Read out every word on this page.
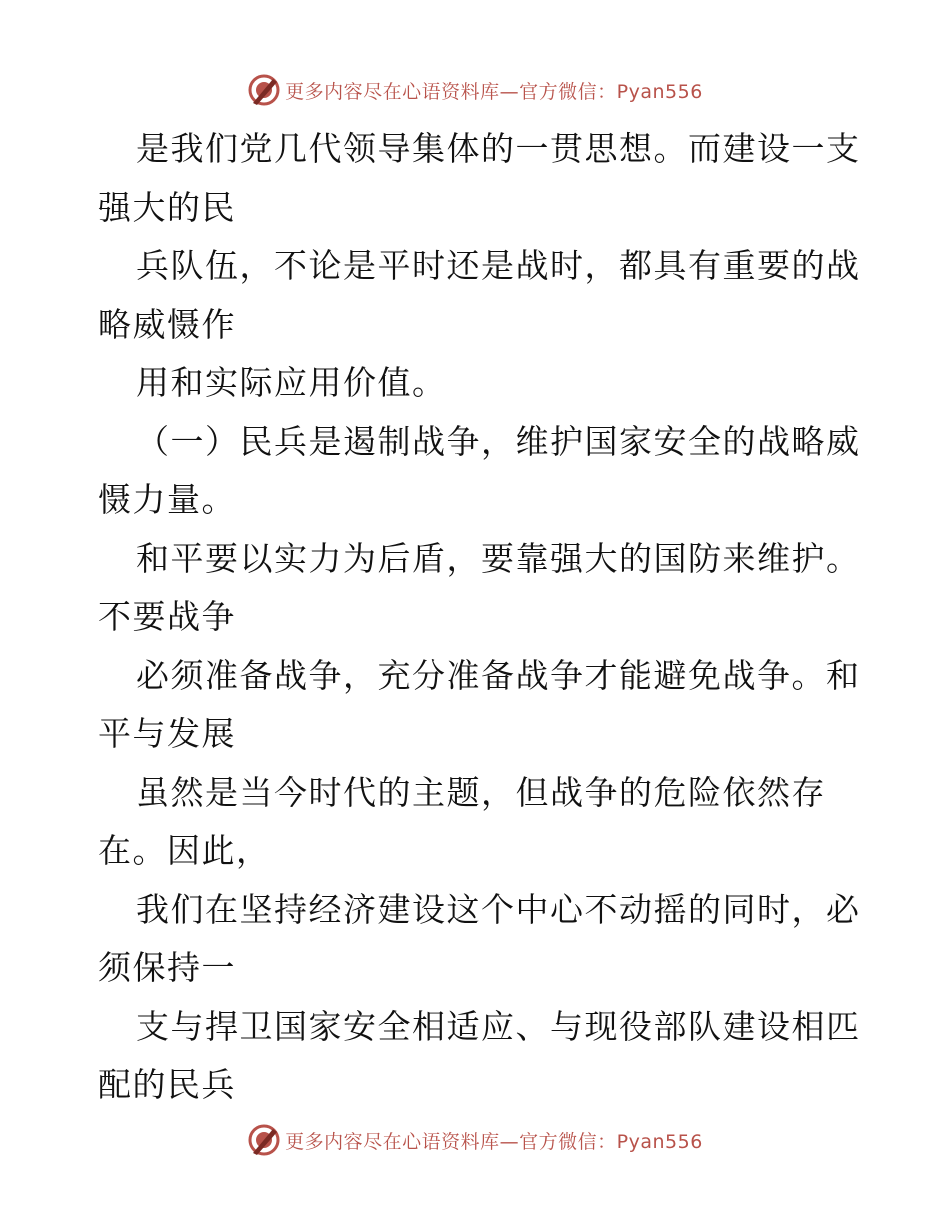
更多内容尽在心语资料库—官方微信：Pyan556
是我们党几代领导集体的一贯思想。而建设一支
强大的民
兵队伍，不论是平时还是战时，都具有重要的战
略威慑作
用和实际应用价值。
（一）民兵是遏制战争，维护国家安全的战略威
慑力量。
和平要以实力为后盾，要靠强大的国防来维护。
不要战争
必须准备战争，充分准备战争才能避免战争。和
平与发展
虽然是当今时代的主题，但战争的危险依然存
在。因此，
我们在坚持经济建设这个中心不动摇的同时，必
须保持一
支与捍卫国家安全相适应、与现役部队建设相匹
配的民兵
更多内容尽在心语资料库—官方微信：Pyan556
